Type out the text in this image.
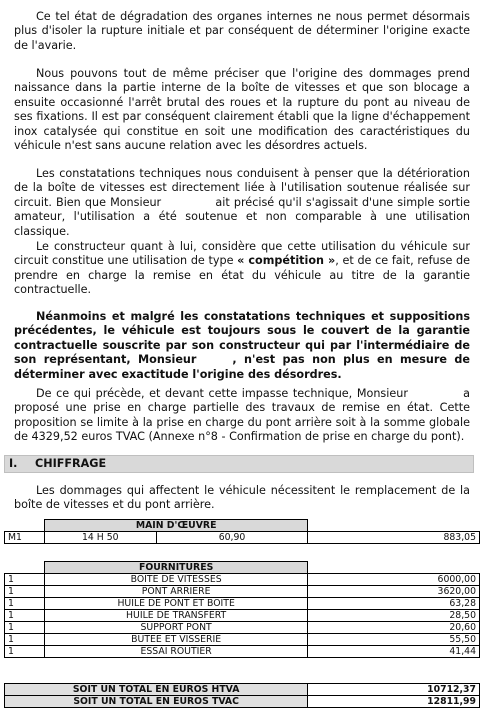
Ce tel état de dégradation des organes internes ne nous permet désormais plus d'isoler la rupture initiale et par conséquent de déterminer l'origine exacte de l'avarie.

Nous pouvons tout de même préciser que l'origine des dommages prend naissance dans la partie interne de la boîte de vitesses et que son blocage a ensuite occasionné l'arrêt brutal des roues et la rupture du pont au niveau de ses fixations. Il est par conséquent clairement établi que la ligne d'échappement inox catalysée qui constitue en soit une modification des caractéristiques du véhicule n'est sans aucune relation avec les désordres actuels.

Les constatations techniques nous conduisent à penser que la détérioration de la boîte de vitesses est directement liée à l'utilisation soutenue réalisée sur circuit. Bien que Monsieur	ait précisé qu'il s'agissait d'une simple sortie amateur, l'utilisation a été soutenue et non comparable à une utilisation classique.

Le constructeur quant à lui, considère que cette utilisation du véhicule sur circuit constitue une utilisation de type « compétition », et de ce fait, refuse de prendre en charge la remise en état du véhicule au titre de la garantie contractuelle.

Néanmoins et malgré les constatations techniques et suppositions précédentes, le véhicule est toujours sous le couvert de la garantie contractuelle souscrite par son constructeur qui par l'intermédiaire de son représentant, Monsieur	, n'est pas non plus en mesure de déterminer avec exactitude l'origine des désordres.

De ce qui précède, et devant cette impasse technique, Monsieur	a proposé une prise en charge partielle des travaux de remise en état. Cette proposition se limite à la prise en charge du pont arrière soit à la somme globale de 4329,52 euros TVAC (Annexe n°8 - Confirmation de prise en charge du pont).

I. CHIFFRAGE

Les dommages qui affectent le véhicule nécessitent le remplacement de la boîte de vitesses et du pont arrière.

	MAIN D'ŒUVRE		
M1	14 H 50	60,90	883,05
	FOURNITURES	
1	BOITE DE VITESSES	6000,00
1	PONT ARRIERE	3620,00
1	HUILE DE PONT ET BOITE	63,28
1	HUILE DE TRANSFERT	28,50
1	SUPPORT PONT	20,60
1	BUTEE ET VISSERIE	55,50
1	ESSAI ROUTIER	41,44
SOIT UN TOTAL EN EUROS HTVA	10712,37
SOIT UN TOTAL EN EUROS TVAC	12811,99
